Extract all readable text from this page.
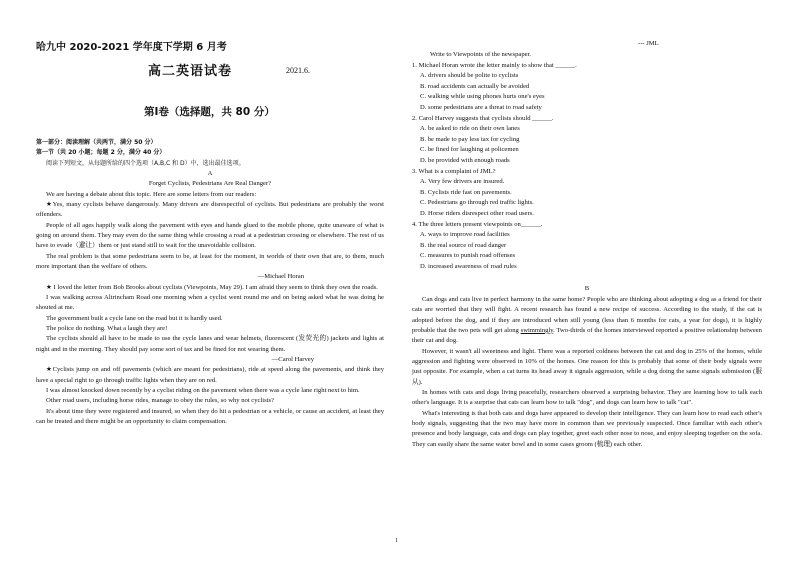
哈九中 2020-2021 学年度下学期 6 月考
高二英语试卷	2021.6.
第Ⅰ卷（选择题，共 80 分）
--- JML

第一部分：阅读理解（共两节，满分 50 分）

第一节（共 20 小题；每题 2 分，满分 40 分）

阅读下列短文，从每题所给的四个选项（A,B,C 和 D）中，选出最佳选项。

A

Forget Cyclists, Pedestrians Are Real Danger?

We are having a debate about this topic. Here are some letters from our readers:

★Yes, many cyclists behave dangerously. Many drivers are disrespectful of cyclists. But pedestrians are probably the worst offenders.

People of all ages happily walk along the pavement with eyes and hands glued to the mobile phone, quite unaware of what is going on around them. They may even do the same thing while crossing a road at a pedestrian crossing or elsewhere. The rest of us have to evade（避让）them or just stand still to wait for the unavoidable collision.

The real problem is that some pedestrians seem to be, at least for the moment, in worlds of their own that are, to them, much more important than the welfare of others.

—Michael Horan

★ I loved the letter from Bob Brooks about cyclists (Viewpoints, May 29). I am afraid they seem to think they own the roads.

I was walking across Altrincham Road one morning when a cyclist went round me and on being asked what he was doing he shouted at me.

The government built a cycle lane on the road but it is hardly used.

The police do nothing. What a laugh they are!

The cyclists should all have to be made to use the cycle lanes and wear helmets, fluorescent (发荧光的) jackets and lights at night and in the morning. They should pay some sort of tax and be fined for not wearing them.

—Carol Harvey

★Cyclists jump on and off pavements (which are meant for pedestrians), ride at speed along the pavements, and think they have a special right to go through traffic lights when they are on red.

I was almost knocked down recently by a cyclist riding on the pavement when there was a cycle lane right next to him.

Other road users, including horse rides, manage to obey the rules, so why not cyclists?

It's about time they were registered and insured, so when they do hit a pedestrian or a vehicle, or cause an accident, at least they can be treated and there might be an opportunity to claim compensation.

Write to Viewpoints of the newspaper.

1. Michael Horan wrote the letter mainly to show that ______.

A. drivers should be polite to cyclists

B. road accidents can actually be avoided

C. walking while using phones hurts one's eyes

D. some pedestrians are a threat to road safety

2. Carol Harvey suggests that cyclists should ______.

A. be asked to ride on their own lanes

B. be made to pay less tax for cycling

C. be fined for laughing at policemen

D. be provided with enough roads

3. What is a complaint of JML?

A. Very few drivers are insured.

B. Cyclists ride fast on pavements.

C. Pedestrians go through red traffic lights.

D. Horse riders disrespect other road users.

4. The three letters present viewpoints on______.

A. ways to improve road facilities

B. the real source of road danger

C. measures to punish road offenses

D. increased awareness of road rules

B

Can dogs and cats live in perfect harmony in the same home? People who are thinking about adopting a dog as a friend for their cats are worried that they will fight. A recent research has found a new recipe of success. According to the study, if the cat is adopted before the dog, and if they are introduced when still young (less than 6 months for cats, a year for dogs), it is highly probable that the two pets will get along swimmingly. Two-thirds of the homes interviewed reported a positive relationship between their cat and dog.

However, it wasn't all sweetness and light. There was a reported coldness between the cat and dog in 25% of the homes, while aggression and fighting were observed in 10% of the homes. One reason for this is probably that some of their body signals were just opposite. For example, when a cat turns its head away it signals aggression, while a dog doing the same signals submission (服从).

In homes with cats and dogs living peacefully, researchers observed a surprising behavior. They are learning how to talk each other's language. It is a surprise that cats can learn how to talk "dog", and dogs can learn how to talk "cat".

What's interesting is that both cats and dogs have appeared to develop their intelligence. They can learn how to read each other's body signals, suggesting that the two may have more in common than we previously suspected. Once familiar with each other's presence and body language, cats and dogs can play together, greet each other nose to nose, and enjoy sleeping together on the sofa. They can easily share the same water bowl and in some cases groom (梳理) each other.

1
